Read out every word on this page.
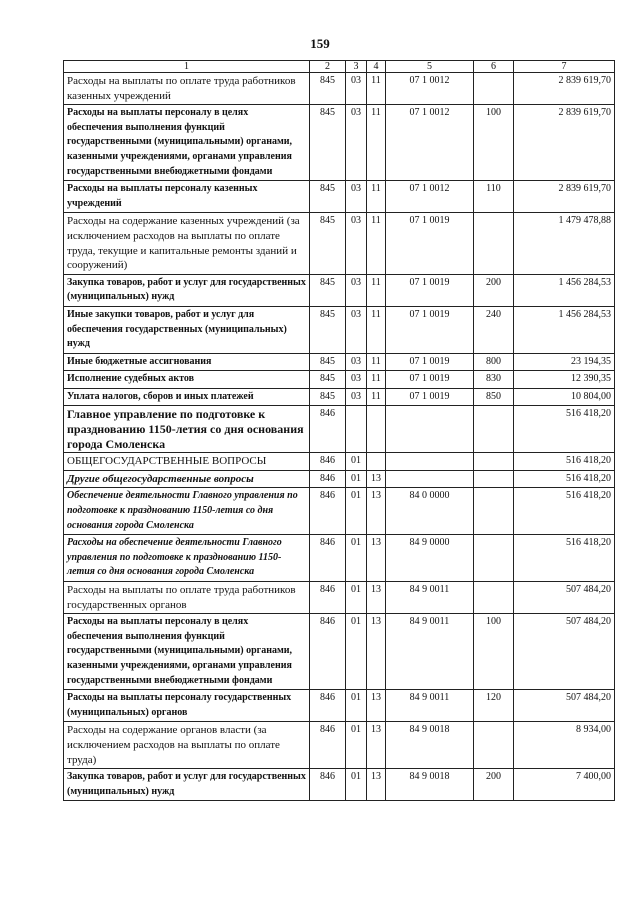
159
1	2	3	4	5	6	7
Расходы на выплаты по оплате труда работников казенных учреждений	845	03	11	07 1 0012		2 839 619,70
Расходы на выплаты персоналу в целях обеспечения выполнения функций государственными (муниципальными) органами, казенными учреждениями, органами управления государственными внебюджетными фондами	845	03	11	07 1 0012	100	2 839 619,70
Расходы на выплаты персоналу казенных учреждений	845	03	11	07 1 0012	110	2 839 619,70
Расходы на содержание казенных учреждений (за исключением расходов на выплаты по оплате труда, текущие и капитальные ремонты зданий и сооружений)	845	03	11	07 1 0019		1 479 478,88
Закупка товаров, работ и услуг для государственных (муниципальных) нужд	845	03	11	07 1 0019	200	1 456 284,53
Иные закупки товаров, работ и услуг для обеспечения государственных (муниципальных) нужд	845	03	11	07 1 0019	240	1 456 284,53
Иные бюджетные ассигнования	845	03	11	07 1 0019	800	23 194,35
Исполнение судебных актов	845	03	11	07 1 0019	830	12 390,35
Уплата налогов, сборов и иных платежей	845	03	11	07 1 0019	850	10 804,00
Главное управление по подготовке к празднованию 1150-летия со дня основания города Смоленска	846					516 418,20
ОБЩЕГОСУДАРСТВЕННЫЕ ВОПРОСЫ	846	01				516 418,20
Другие общегосударственные вопросы	846	01	13			516 418,20
Обеспечение деятельности Главного управления по подготовке к празднованию 1150-летия со дня основания города Смоленска	846	01	13	84 0 0000		516 418,20
Расходы на обеспечение деятельности Главного управления по подготовке к празднованию 1150-летия со дня основания города Смоленска	846	01	13	84 9 0000		516 418,20
Расходы на выплаты по оплате труда работников государственных органов	846	01	13	84 9 0011		507 484,20
Расходы на выплаты персоналу в целях обеспечения выполнения функций государственными (муниципальными) органами, казенными учреждениями, органами управления государственными внебюджетными фондами	846	01	13	84 9 0011	100	507 484,20
Расходы на выплаты персоналу государственных (муниципальных) органов	846	01	13	84 9 0011	120	507 484,20
Расходы на содержание органов власти (за исключением расходов на выплаты по оплате труда)	846	01	13	84 9 0018		8 934,00
Закупка товаров, работ и услуг для государственных (муниципальных) нужд	846	01	13	84 9 0018	200	7 400,00
